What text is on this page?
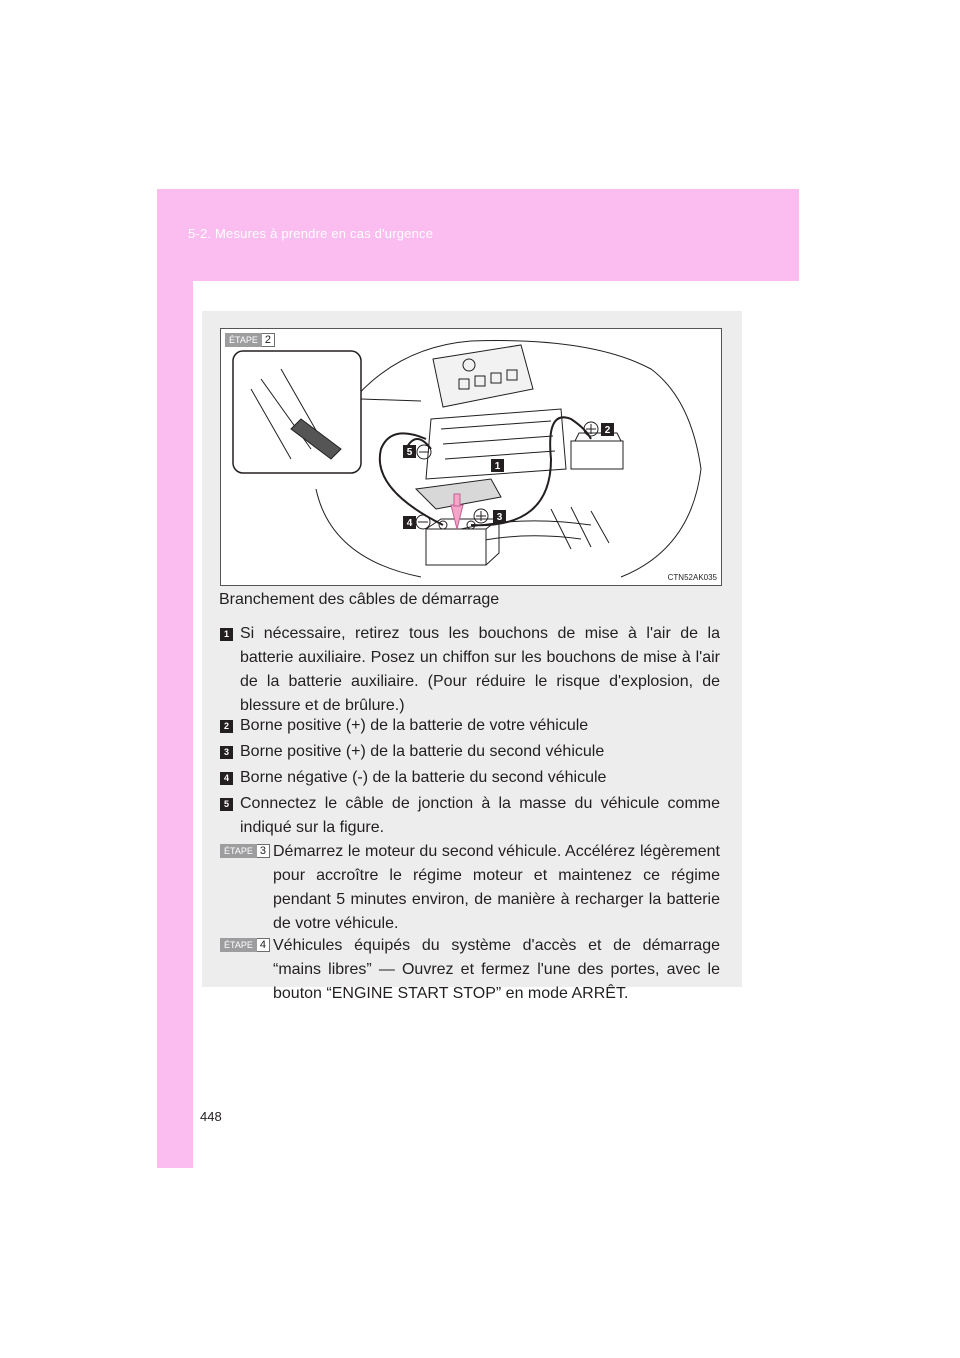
5-2. Mesures à prendre en cas d'urgence
1
2
3
4
5
ÉTAPE 2
CTN52AK035
Branchement des câbles de démarrage
1 Si nécessaire, retirez tous les bouchons de mise à l'air de la batterie auxiliaire. Posez un chiffon sur les bouchons de mise à l'air de la batterie auxiliaire. (Pour réduire le risque d'explosion, de blessure et de brûlure.)
2 Borne positive (+) de la batterie de votre véhicule
3 Borne positive (+) de la batterie du second véhicule
4 Borne négative (-) de la batterie du second véhicule
5 Connectez le câble de jonction à la masse du véhicule comme indiqué sur la figure.
ÉTAPE 3 Démarrez le moteur du second véhicule. Accélérez légèrement pour accroître le régime moteur et maintenez ce régime pendant 5 minutes environ, de manière à recharger la batterie de votre véhicule.
ÉTAPE 4 Véhicules équipés du système d'accès et de démarrage “mains libres” — Ouvrez et fermez l'une des portes, avec le bouton “ENGINE START STOP” en mode ARRÊT.
448
